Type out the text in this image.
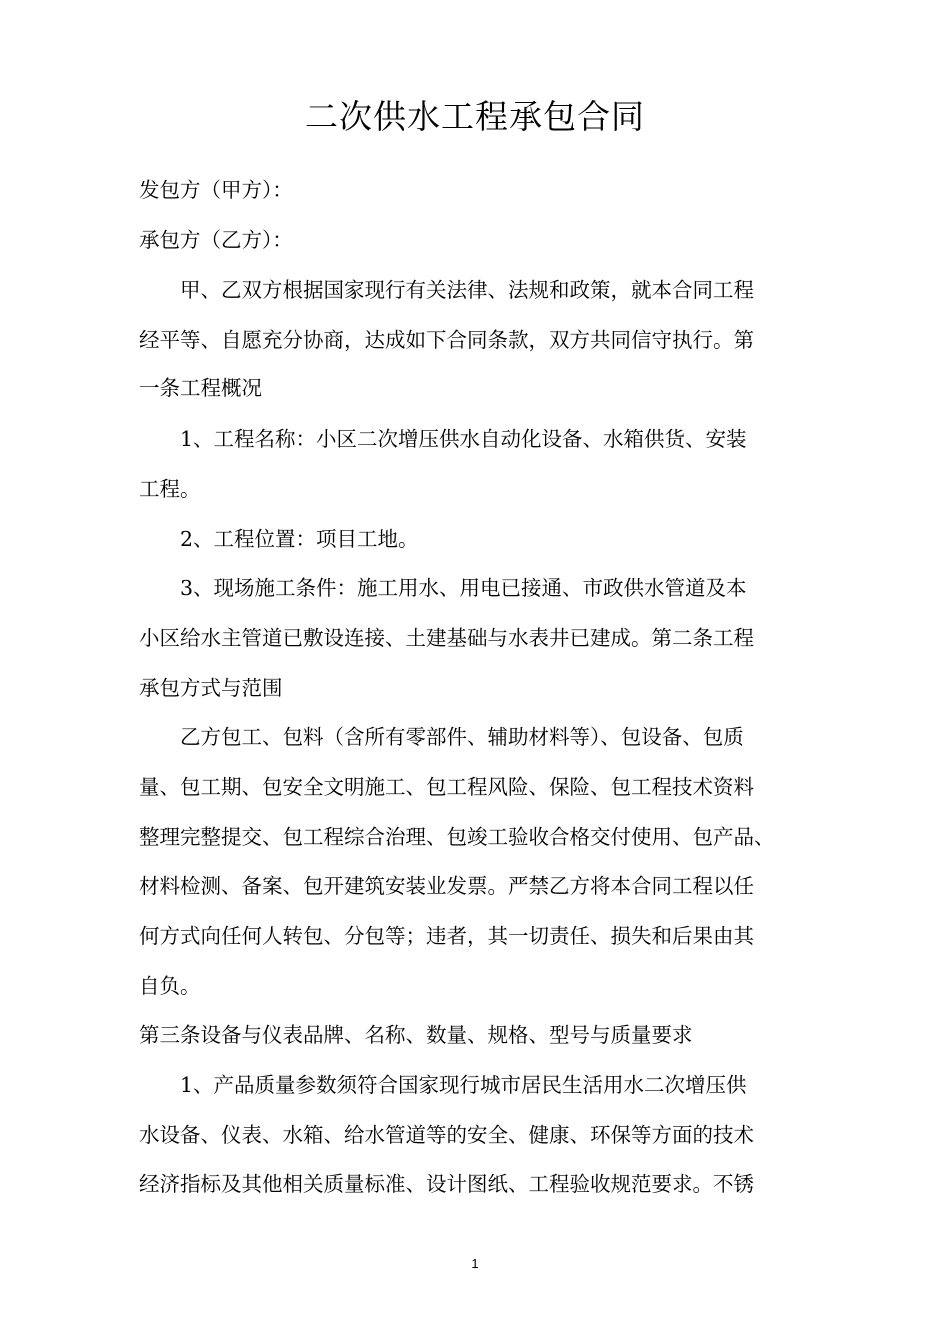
二次供水工程承包合同
发包方（甲方）：
承包方（乙方）：
甲、乙双方根据国家现行有关法律、法规和政策，就本合同工程
经平等、自愿充分协商，达成如下合同条款，双方共同信守执行。第
一条工程概况
1、工程名称：小区二次增压供水自动化设备、水箱供货、安装
工程。
2、工程位置：项目工地。
3、现场施工条件：施工用水、用电已接通、市政供水管道及本
小区给水主管道已敷设连接、土建基础与水表井已建成。第二条工程
承包方式与范围
乙方包工、包料（含所有零部件、辅助材料等）、包设备、包质
量、包工期、包安全文明施工、包工程风险、保险、包工程技术资料
整理完整提交、包工程综合治理、包竣工验收合格交付使用、包产品、
材料检测、备案、包开建筑安装业发票。严禁乙方将本合同工程以任
何方式向任何人转包、分包等；违者，其一切责任、损失和后果由其
自负。
第三条设备与仪表品牌、名称、数量、规格、型号与质量要求
1、产品质量参数须符合国家现行城市居民生活用水二次增压供
水设备、仪表、水箱、给水管道等的安全、健康、环保等方面的技术
经济指标及其他相关质量标准、设计图纸、工程验收规范要求。不锈
1
